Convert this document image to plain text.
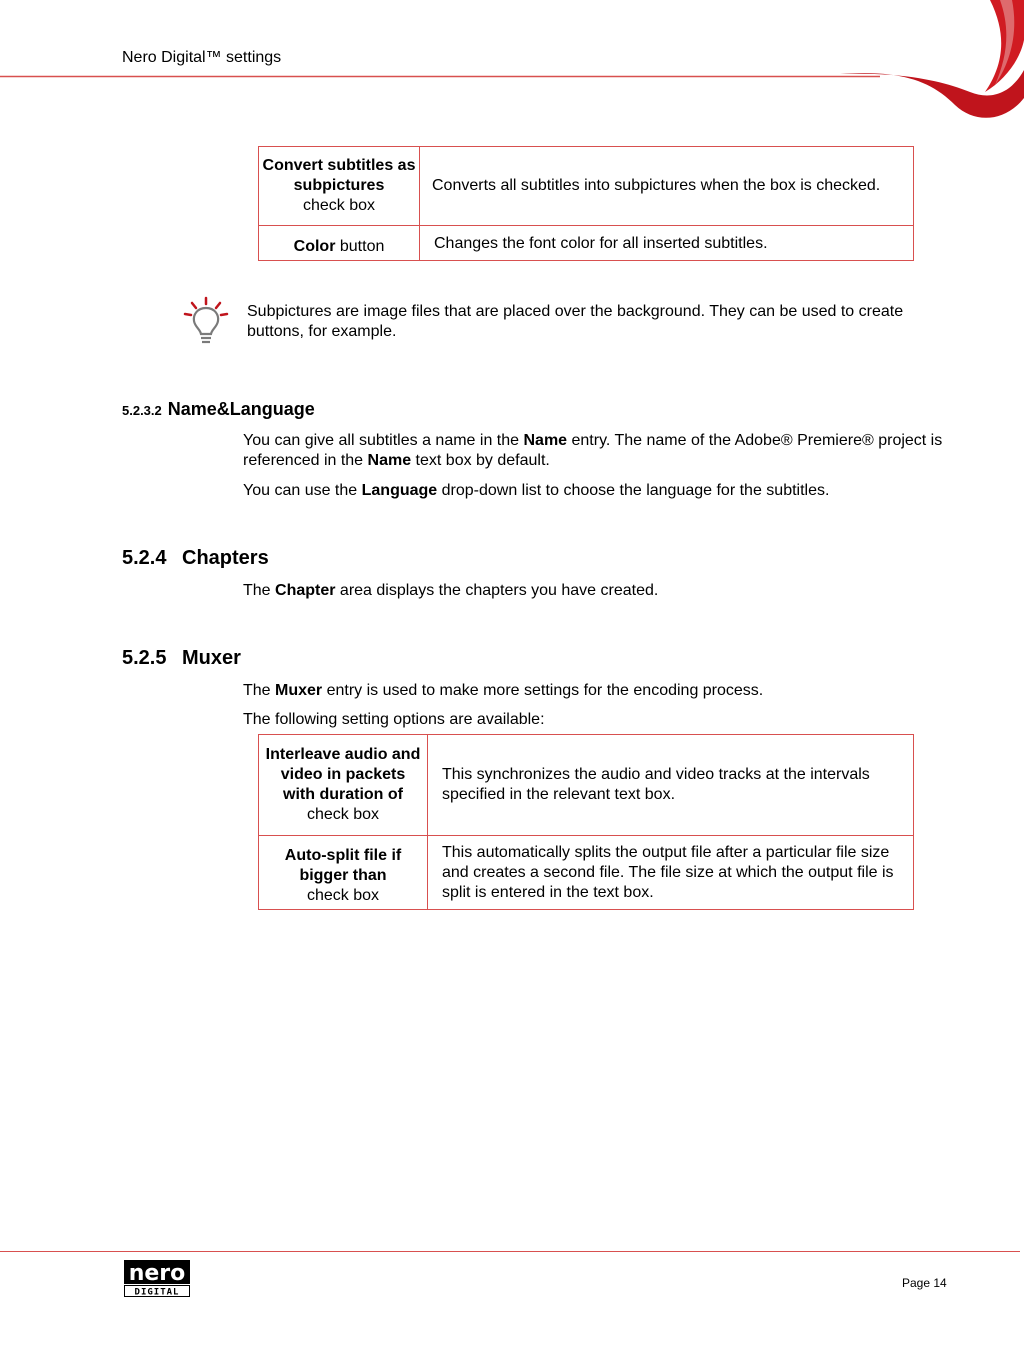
Nero Digital™ settings
Convert subtitles as subpictures
check box	Converts all subtitles into subpictures when the box is checked.
Color button	Changes the font color for all inserted subtitles.
Subpictures are image files that are placed over the background. They can be used to create buttons, for example.
5.2.3.2 Name&Language
You can give all subtitles a name in the Name entry. The name of the Adobe® Premiere® project is referenced in the Name text box by default.
You can use the Language drop-down list to choose the language for the subtitles.
5.2.4 Chapters
The Chapter area displays the chapters you have created.
5.2.5 Muxer
The Muxer entry is used to make more settings for the encoding process.
The following setting options are available:
Interleave audio and video in packets with duration of
check box	This synchronizes the audio and video tracks at the intervals specified in the relevant text box.
Auto-split file if bigger than
check box	This automatically splits the output file after a particular file size and creates a second file. The file size at which the output file is split is entered in the text box.
nero
DIGITAL
Page 14
